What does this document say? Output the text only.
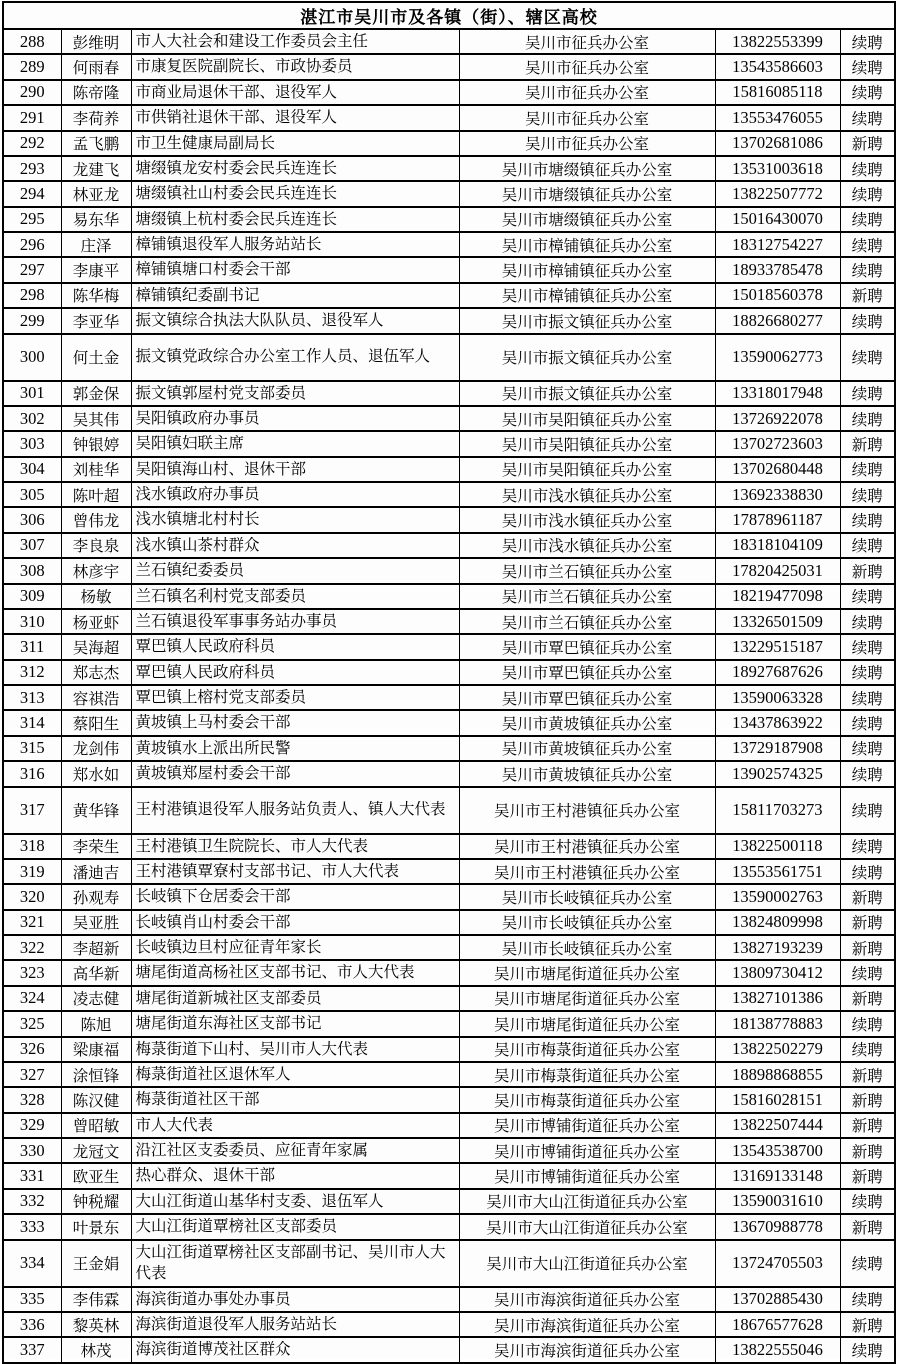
湛江市吴川市及各镇（街）、辖区高校					
288	彭维明	市人大社会和建设工作委员会主任	吴川市征兵办公室	13822553399	续聘
289	何雨春	市康复医院副院长、市政协委员	吴川市征兵办公室	13543586603	续聘
290	陈帝隆	市商业局退休干部、退役军人	吴川市征兵办公室	15816085118	续聘
291	李荷养	市供销社退休干部、退役军人	吴川市征兵办公室	13553476055	续聘
292	孟飞鹏	市卫生健康局副局长	吴川市征兵办公室	13702681086	新聘
293	龙建飞	塘缀镇龙安村委会民兵连连长	吴川市塘缀镇征兵办公室	13531003618	续聘
294	林亚龙	塘缀镇社山村委会民兵连连长	吴川市塘缀镇征兵办公室	13822507772	续聘
295	易东华	塘缀镇上杭村委会民兵连连长	吴川市塘缀镇征兵办公室	15016430070	续聘
296	庄泽	樟铺镇退役军人服务站站长	吴川市樟铺镇征兵办公室	18312754227	续聘
297	李康平	樟铺镇塘口村委会干部	吴川市樟铺镇征兵办公室	18933785478	续聘
298	陈华梅	樟铺镇纪委副书记	吴川市樟铺镇征兵办公室	15018560378	新聘
299	李亚华	振文镇综合执法大队队员、退役军人	吴川市振文镇征兵办公室	18826680277	续聘
300	何土金	振文镇党政综合办公室工作人员、退伍军人	吴川市振文镇征兵办公室	13590062773	续聘
301	郭金保	振文镇郭屋村党支部委员	吴川市振文镇征兵办公室	13318017948	续聘
302	吴其伟	吴阳镇政府办事员	吴川市吴阳镇征兵办公室	13726922078	续聘
303	钟银婷	吴阳镇妇联主席	吴川市吴阳镇征兵办公室	13702723603	新聘
304	刘桂华	吴阳镇海山村、退休干部	吴川市吴阳镇征兵办公室	13702680448	续聘
305	陈叶超	浅水镇政府办事员	吴川市浅水镇征兵办公室	13692338830	续聘
306	曾伟龙	浅水镇塘北村村长	吴川市浅水镇征兵办公室	17878961187	续聘
307	李良泉	浅水镇山茶村群众	吴川市浅水镇征兵办公室	18318104109	续聘
308	林彦宇	兰石镇纪委委员	吴川市兰石镇征兵办公室	17820425031	新聘
309	杨敏	兰石镇名利村党支部委员	吴川市兰石镇征兵办公室	18219477098	续聘
310	杨亚虾	兰石镇退役军事事务站办事员	吴川市兰石镇征兵办公室	13326501509	续聘
311	吴海超	覃巴镇人民政府科员	吴川市覃巴镇征兵办公室	13229515187	续聘
312	郑志杰	覃巴镇人民政府科员	吴川市覃巴镇征兵办公室	18927687626	续聘
313	容祺浩	覃巴镇上榕村党支部委员	吴川市覃巴镇征兵办公室	13590063328	续聘
314	蔡阳生	黄坡镇上马村委会干部	吴川市黄坡镇征兵办公室	13437863922	续聘
315	龙剑伟	黄坡镇水上派出所民警	吴川市黄坡镇征兵办公室	13729187908	续聘
316	郑水如	黄坡镇郑屋村委会干部	吴川市黄坡镇征兵办公室	13902574325	续聘
317	黄华锋	王村港镇退役军人服务站负责人、镇人大代表	吴川市王村港镇征兵办公室	15811703273	续聘
318	李荣生	王村港镇卫生院院长、市人大代表	吴川市王村港镇征兵办公室	13822500118	续聘
319	潘迪吉	王村港镇覃寮村支部书记、市人大代表	吴川市王村港镇征兵办公室	13553561751	续聘
320	孙观寿	长岐镇下仓居委会干部	吴川市长岐镇征兵办公室	13590002763	新聘
321	吴亚胜	长岐镇肖山村委会干部	吴川市长岐镇征兵办公室	13824809998	新聘
322	李超新	长岐镇边旦村应征青年家长	吴川市长岐镇征兵办公室	13827193239	新聘
323	高华新	塘尾街道高杨社区支部书记、市人大代表	吴川市塘尾街道征兵办公室	13809730412	续聘
324	凌志健	塘尾街道新城社区支部委员	吴川市塘尾街道征兵办公室	13827101386	新聘
325	陈旭	塘尾街道东海社区支部书记	吴川市塘尾街道征兵办公室	18138778883	续聘
326	梁康福	梅菉街道下山村、吴川市人大代表	吴川市梅菉街道征兵办公室	13822502279	续聘
327	涂恒锋	梅菉街道社区退休军人	吴川市梅菉街道征兵办公室	18898868855	新聘
328	陈汉健	梅菉街道社区干部	吴川市梅菉街道征兵办公室	15816028151	新聘
329	曾昭敏	市人大代表	吴川市博铺街道征兵办公室	13822507444	新聘
330	龙冠文	沿江社区支委委员、应征青年家属	吴川市博铺街道征兵办公室	13543538700	新聘
331	欧亚生	热心群众、退休干部	吴川市博铺街道征兵办公室	13169133148	新聘
332	钟税耀	大山江街道山基华村支委、退伍军人	吴川市大山江街道征兵办公室	13590031610	续聘
333	叶景东	大山江街道覃榜社区支部委员	吴川市大山江街道征兵办公室	13670988778	新聘
334	王金娟	大山江街道覃榜社区支部副书记、吴川市人大代表	吴川市大山江街道征兵办公室	13724705503	续聘
335	李伟霖	海滨街道办事处办事员	吴川市海滨街道征兵办公室	13702885430	续聘
336	黎英林	海滨街道退役军人服务站站长	吴川市海滨街道征兵办公室	18676577628	新聘
337	林茂	海滨街道博茂社区群众	吴川市海滨街道征兵办公室	13822555046	续聘
